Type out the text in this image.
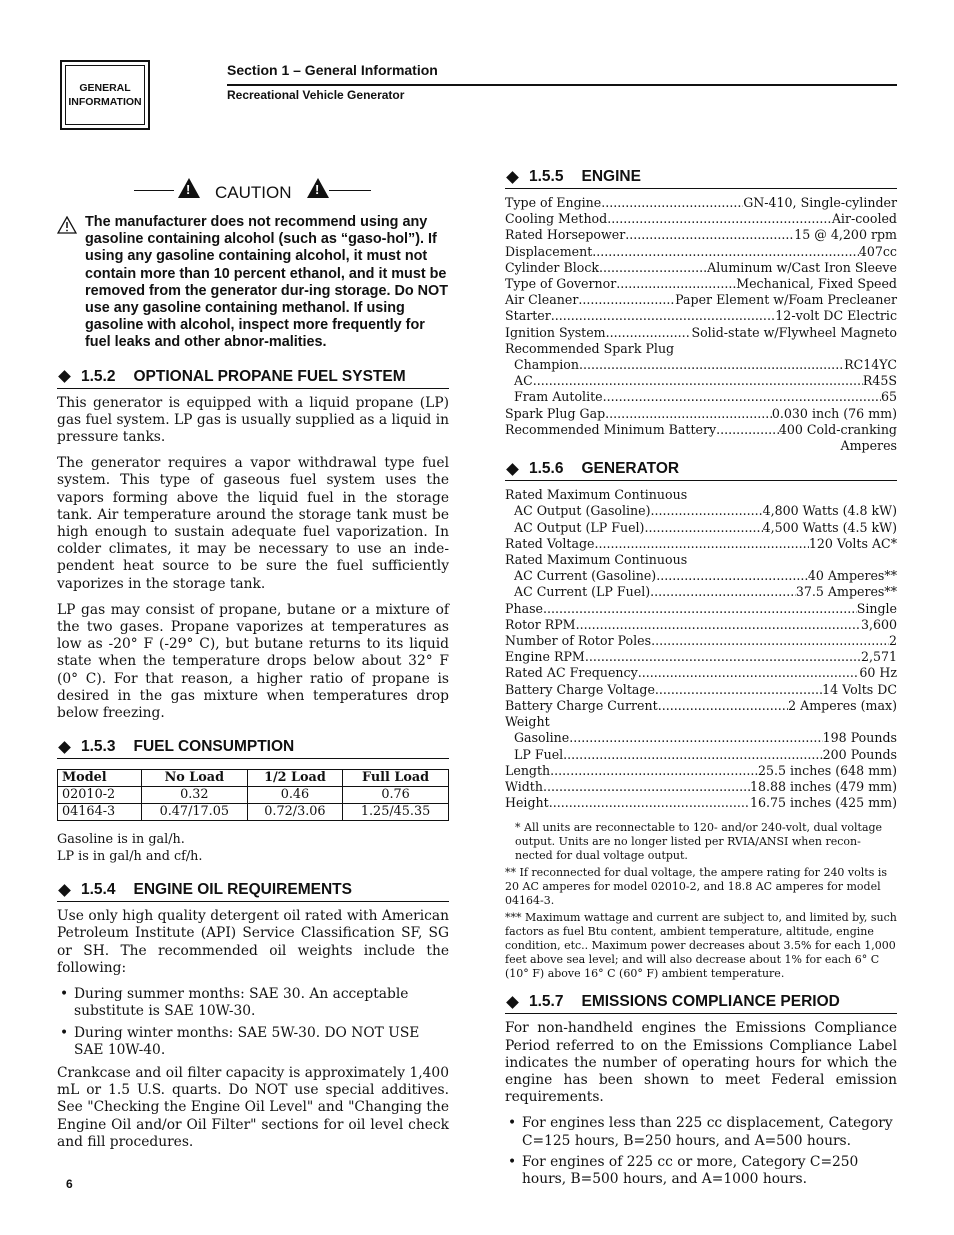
GENERAL
INFORMATION
Section 1 – General Information
Recreational Vehicle Generator
!
CAUTION
!
The manufacturer does not recommend using any gasoline containing alcohol (such as “gaso-hol”). If using any gasoline containing alcohol, it must not contain more than 10 percent ethanol, and it must be removed from the generator dur-ing storage. Do NOT use any gasoline containing methanol. If using gasoline with alcohol, inspect more frequently for fuel leaks and other abnor-malities.
1.5.2 OPTIONAL PROPANE FUEL SYSTEM

This generator is equipped with a liquid propane (LP) gas fuel system. LP gas is usually supplied as a liquid in pressure tanks.

The generator requires a vapor withdrawal type fuel system. This type of gaseous fuel system uses the vapors forming above the liquid fuel in the storage tank. Air temperature around the storage tank must be high enough to sustain adequate fuel vaporization. In colder climates, it may be necessary to use an inde-pendent heat source to be sure the fuel sufficiently vaporizes in the storage tank.

LP gas may consist of propane, butane or a mixture of the two gases. Propane vaporizes at temperatures as low as -20° F (-29° C), but butane returns to its liquid state when the temperature drops below about 32° F (0° C). For that reason, a higher ratio of propane is desired in the gas mixture when temperatures drop below freezing.

1.5.3 FUEL CONSUMPTION
Model	No Load	1/2 Load	Full Load
02010-2	0.32	0.46	0.76
04164-3	0.47/17.05	0.72/3.06	1.25/45.35
Gasoline is in gal/h.
LP is in gal/h and cf/h.
1.5.4 ENGINE OIL REQUIREMENTS

Use only high quality detergent oil rated with American Petroleum Institute (API) Service Classification SF, SG or SH. The recommended oil weights include the following:

• During summer months: SAE 30. An acceptable substitute is SAE 10W-30.
• During winter months: SAE 5W-30. DO NOT USE SAE 10W-40.

Crankcase and oil filter capacity is approximately 1,400 mL or 1.5 U.S. quarts. Do NOT use special additives. See "Checking the Engine Oil Level" and "Changing the Engine Oil and/or Oil Filter" sections for oil level check and fill procedures.

1.5.5 ENGINE
Type of Engine .....	GN-410, Single-cylinder
Cooling Method .....	Air-cooled
Rated Horsepower .....	15 @ 4,200 rpm
Displacement .....	407cc
Cylinder Block .....	Aluminum w/Cast Iron Sleeve
Type of Governor .....	Mechanical, Fixed Speed
Air Cleaner .....	Paper Element w/Foam Precleaner
Starter .....	12-volt DC Electric
Ignition System .....	Solid-state w/Flywheel Magneto
Recommended Spark Plug
Champion .....	RC14YC
AC .....	R45S
Fram Autolite .....	65
Spark Plug Gap .....	0.030 inch (76 mm)
Recommended Minimum Battery .....	400 Cold-cranking
Amperes
1.5.6 GENERATOR
Rated Maximum Continuous
AC Output (Gasoline) .....	4,800 Watts (4.8 kW)
AC Output (LP Fuel) .....	4,500 Watts (4.5 kW)
Rated Voltage .....	120 Volts AC*
Rated Maximum Continuous
AC Current (Gasoline) .....	40 Amperes**
AC Current (LP Fuel) .....	37.5 Amperes**
Phase .....	Single
Rotor RPM .....	3,600
Number of Rotor Poles .....	2
Engine RPM .....	2,571
Rated AC Frequency .....	60 Hz
Battery Charge Voltage .....	14 Volts DC
Battery Charge Current .....	2 Amperes (max)
Weight
Gasoline .....	198 Pounds
LP Fuel .....	200 Pounds
Length .....	25.5 inches (648 mm)
Width .....	18.88 inches (479 mm)
Height .....	16.75 inches (425 mm)
* All units are reconnectable to 120- and/or 240-volt, dual voltage output. Units are no longer listed per RVIA/ANSI when recon-nected for dual voltage output.
** If reconnected for dual voltage, the ampere rating for 240 volts is 20 AC amperes for model 02010-2, and 18.8 AC amperes for model 04164-3.
*** Maximum wattage and current are subject to, and limited by, such factors as fuel Btu content, ambient temperature, altitude, engine condition, etc.. Maximum power decreases about 3.5% for each 1,000 feet above sea level; and will also decrease about 1% for each 6° C (10° F) above 16° C (60° F) ambient temperature.
1.5.7 EMISSIONS COMPLIANCE PERIOD

For non-handheld engines the Emissions Compliance Period referred to on the Emissions Compliance Label indicates the number of operating hours for which the engine has been shown to meet Federal emission requirements.

• For engines less than 225 cc displacement, Category C=125 hours, B=250 hours, and A=500 hours.
• For engines of 225 cc or more, Category C=250 hours, B=500 hours, and A=1000 hours.
6
